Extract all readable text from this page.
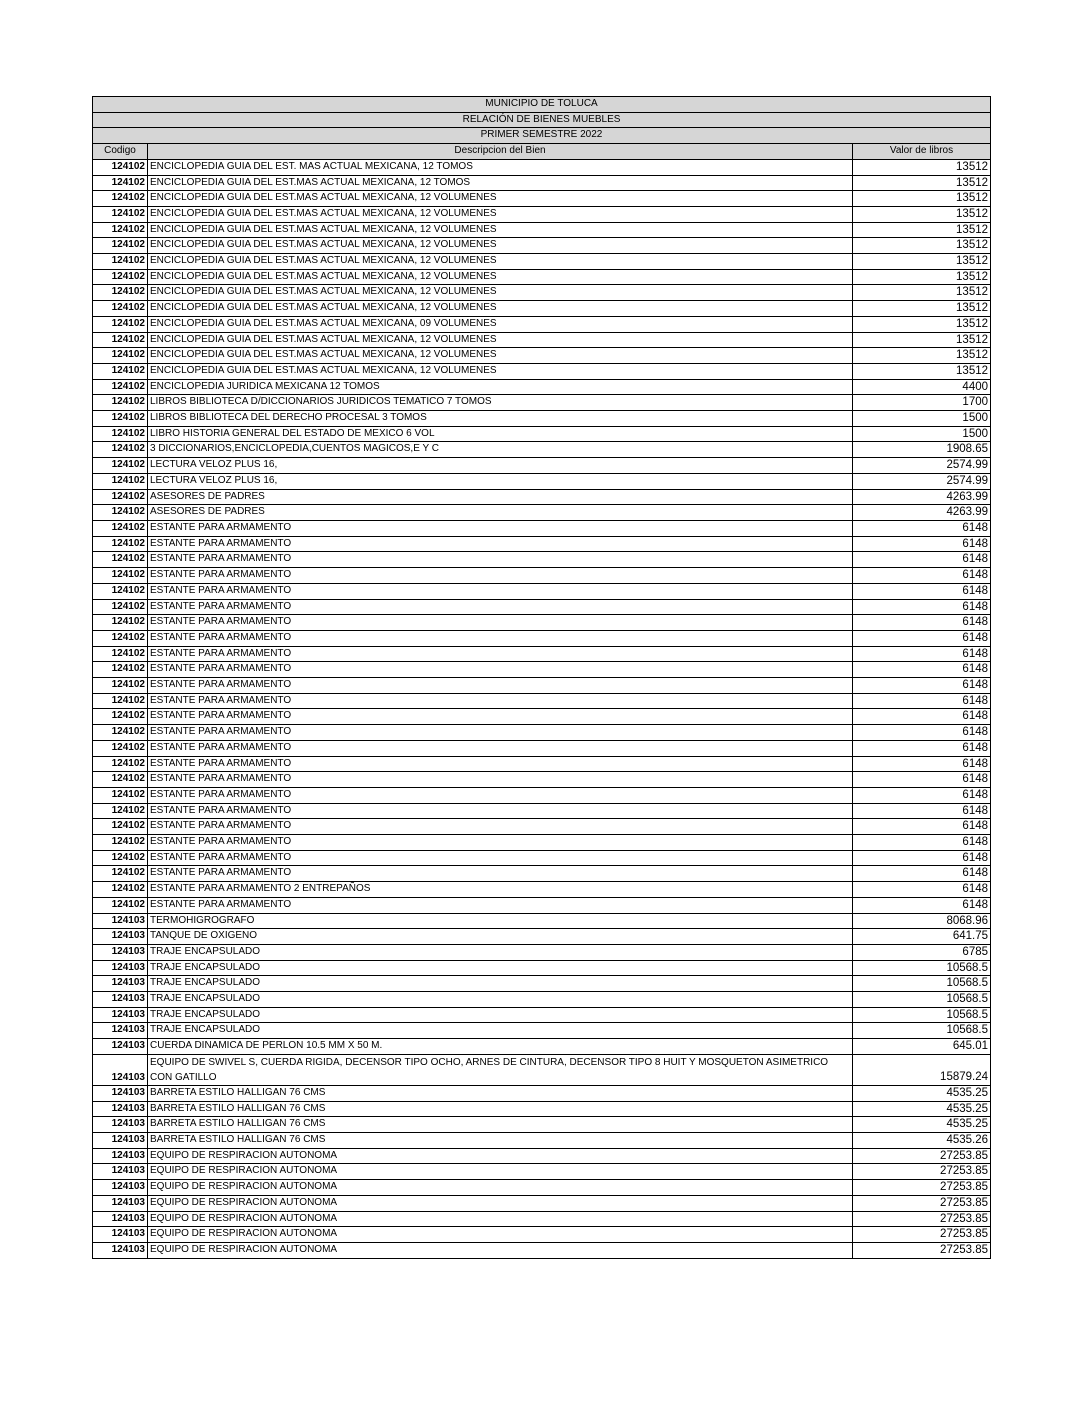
MUNICIPIO DE TOLUCA		
RELACIÓN DE BIENES MUEBLES		
PRIMER SEMESTRE 2022		
Codigo	Descripcion del Bien	Valor de libros
124102	ENCICLOPEDIA GUIA DEL EST. MAS ACTUAL MEXICANA, 12 TOMOS	13512
124102	ENCICLOPEDIA GUIA DEL EST.MAS ACTUAL MEXICANA, 12 TOMOS	13512
124102	ENCICLOPEDIA GUIA DEL EST.MAS ACTUAL MEXICANA, 12 VOLUMENES	13512
124102	ENCICLOPEDIA GUIA DEL EST.MAS ACTUAL MEXICANA, 12 VOLUMENES	13512
124102	ENCICLOPEDIA GUIA DEL EST.MAS ACTUAL MEXICANA, 12 VOLUMENES	13512
124102	ENCICLOPEDIA GUIA DEL EST.MAS ACTUAL MEXICANA, 12 VOLUMENES	13512
124102	ENCICLOPEDIA GUIA DEL EST.MAS ACTUAL MEXICANA, 12 VOLUMENES	13512
124102	ENCICLOPEDIA GUIA DEL EST.MAS ACTUAL MEXICANA, 12 VOLUMENES	13512
124102	ENCICLOPEDIA GUIA DEL EST.MAS ACTUAL MEXICANA, 12 VOLUMENES	13512
124102	ENCICLOPEDIA GUIA DEL EST.MAS ACTUAL MEXICANA, 12 VOLUMENES	13512
124102	ENCICLOPEDIA GUIA DEL EST.MAS ACTUAL MEXICANA, 09 VOLUMENES	13512
124102	ENCICLOPEDIA GUIA DEL EST.MAS ACTUAL MEXICANA, 12 VOLUMENES	13512
124102	ENCICLOPEDIA GUIA DEL EST.MAS ACTUAL MEXICANA, 12 VOLUMENES	13512
124102	ENCICLOPEDIA GUIA DEL EST.MAS ACTUAL MEXICANA, 12 VOLUMENES	13512
124102	ENCICLOPEDIA JURIDICA MEXICANA 12 TOMOS	4400
124102	LIBROS BIBLIOTECA D/DICCIONARIOS JURIDICOS TEMATICO 7 TOMOS	1700
124102	LIBROS BIBLIOTECA DEL DERECHO PROCESAL 3 TOMOS	1500
124102	LIBRO HISTORIA GENERAL DEL ESTADO DE MEXICO 6 VOL	1500
124102	3 DICCIONARIOS,ENCICLOPEDIA,CUENTOS MAGICOS,E Y C	1908.65
124102	LECTURA VELOZ PLUS 16,	2574.99
124102	LECTURA VELOZ PLUS 16,	2574.99
124102	ASESORES DE PADRES	4263.99
124102	ASESORES DE PADRES	4263.99
124102	ESTANTE PARA ARMAMENTO	6148
124102	ESTANTE PARA ARMAMENTO	6148
124102	ESTANTE PARA ARMAMENTO	6148
124102	ESTANTE PARA ARMAMENTO	6148
124102	ESTANTE PARA ARMAMENTO	6148
124102	ESTANTE PARA ARMAMENTO	6148
124102	ESTANTE PARA ARMAMENTO	6148
124102	ESTANTE PARA ARMAMENTO	6148
124102	ESTANTE PARA ARMAMENTO	6148
124102	ESTANTE PARA ARMAMENTO	6148
124102	ESTANTE PARA ARMAMENTO	6148
124102	ESTANTE PARA ARMAMENTO	6148
124102	ESTANTE PARA ARMAMENTO	6148
124102	ESTANTE PARA ARMAMENTO	6148
124102	ESTANTE PARA ARMAMENTO	6148
124102	ESTANTE PARA ARMAMENTO	6148
124102	ESTANTE PARA ARMAMENTO	6148
124102	ESTANTE PARA ARMAMENTO	6148
124102	ESTANTE PARA ARMAMENTO	6148
124102	ESTANTE PARA ARMAMENTO	6148
124102	ESTANTE PARA ARMAMENTO	6148
124102	ESTANTE PARA ARMAMENTO	6148
124102	ESTANTE PARA ARMAMENTO	6148
124102	ESTANTE PARA ARMAMENTO 2 ENTREPAÑOS	6148
124102	ESTANTE PARA ARMAMENTO	6148
124103	TERMOHIGROGRAFO	8068.96
124103	TANQUE DE OXIGENO	641.75
124103	TRAJE ENCAPSULADO	6785
124103	TRAJE ENCAPSULADO	10568.5
124103	TRAJE ENCAPSULADO	10568.5
124103	TRAJE ENCAPSULADO	10568.5
124103	TRAJE ENCAPSULADO	10568.5
124103	TRAJE ENCAPSULADO	10568.5
124103	CUERDA DINAMICA DE PERLON 10.5 MM X 50 M.	645.01
124103	EQUIPO DE SWIVEL S, CUERDA RIGIDA, DECENSOR TIPO OCHO, ARNES DE CINTURA, DECENSOR TIPO 8 HUIT Y MOSQUETON ASIMETRICO CON GATILLO	15879.24
124103	BARRETA ESTILO HALLIGAN 76 CMS	4535.25
124103	BARRETA ESTILO HALLIGAN 76 CMS	4535.25
124103	BARRETA ESTILO HALLIGAN 76 CMS	4535.25
124103	BARRETA ESTILO HALLIGAN 76 CMS	4535.26
124103	EQUIPO DE RESPIRACION AUTONOMA	27253.85
124103	EQUIPO DE RESPIRACION AUTONOMA	27253.85
124103	EQUIPO DE RESPIRACION AUTONOMA	27253.85
124103	EQUIPO DE RESPIRACION AUTONOMA	27253.85
124103	EQUIPO DE RESPIRACION AUTONOMA	27253.85
124103	EQUIPO DE RESPIRACION AUTONOMA	27253.85
124103	EQUIPO DE RESPIRACION AUTONOMA	27253.85
